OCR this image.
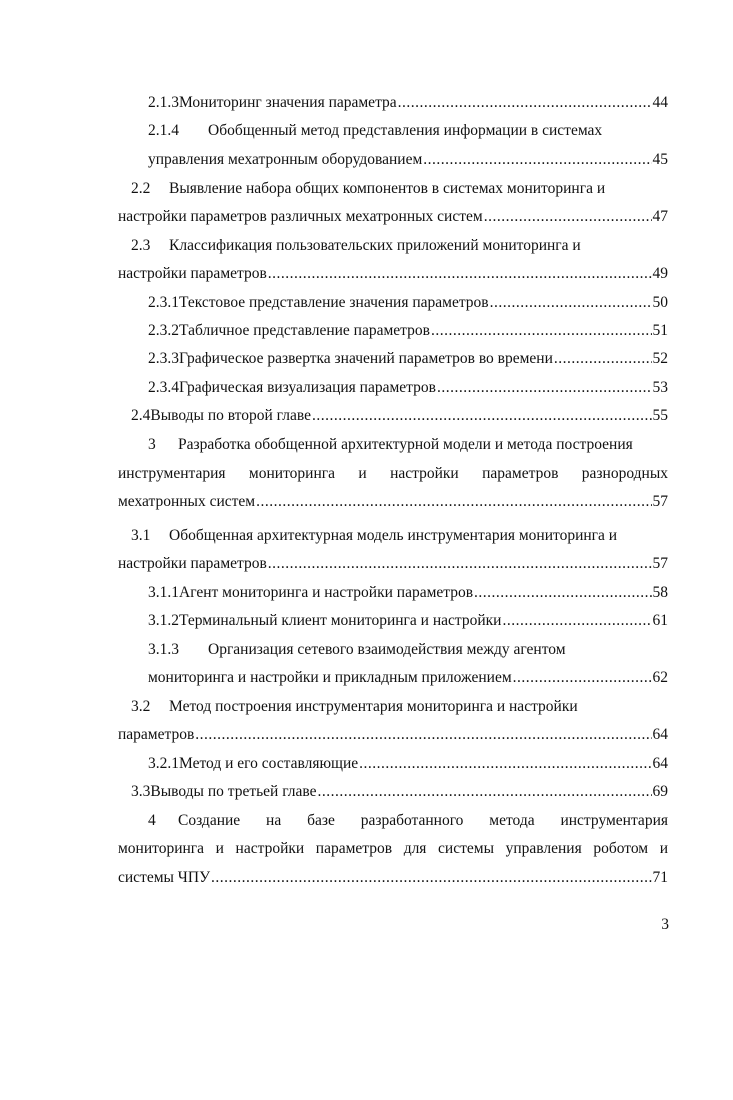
2.1.3 Мониторинг значения параметра .....	44
2.1.4 Обобщенный метод представления информации в системах
управления мехатронным оборудованием .....	45
2.2 Выявление набора общих компонентов в системах мониторинга и
настройки параметров различных мехатронных систем .....	47
2.3 Классификация пользовательских приложений мониторинга и
настройки параметров .....	49
2.3.1 Текстовое представление значения параметров .....	50
2.3.2 Табличное представление параметров .....	51
2.3.3 Графическое развертка значений параметров во времени .....	52
2.3.4 Графическая визуализация параметров .....	53
2.4 Выводы по второй главе .....	55
3 Разработка обобщенной архитектурной модели и метода построения
инструментария мониторинга и настройки параметров разнородных
мехатронных систем .....	57
3.1 Обобщенная архитектурная модель инструментария мониторинга и
настройки параметров .....	57
3.1.1 Агент мониторинга и настройки параметров .....	58
3.1.2 Терминальный клиент мониторинга и настройки .....	61
3.1.3 Организация сетевого взаимодействия между агентом
мониторинга и настройки и прикладным приложением .....	62
3.2 Метод построения инструментария мониторинга и настройки
параметров .....	64
3.2.1 Метод и его составляющие .....	64
3.3 Выводы по третьей главе .....	69
4	Создание на базе разработанного метода инструментария
мониторинга и настройки параметров для системы управления роботом и
системы ЧПУ .....	71
3
